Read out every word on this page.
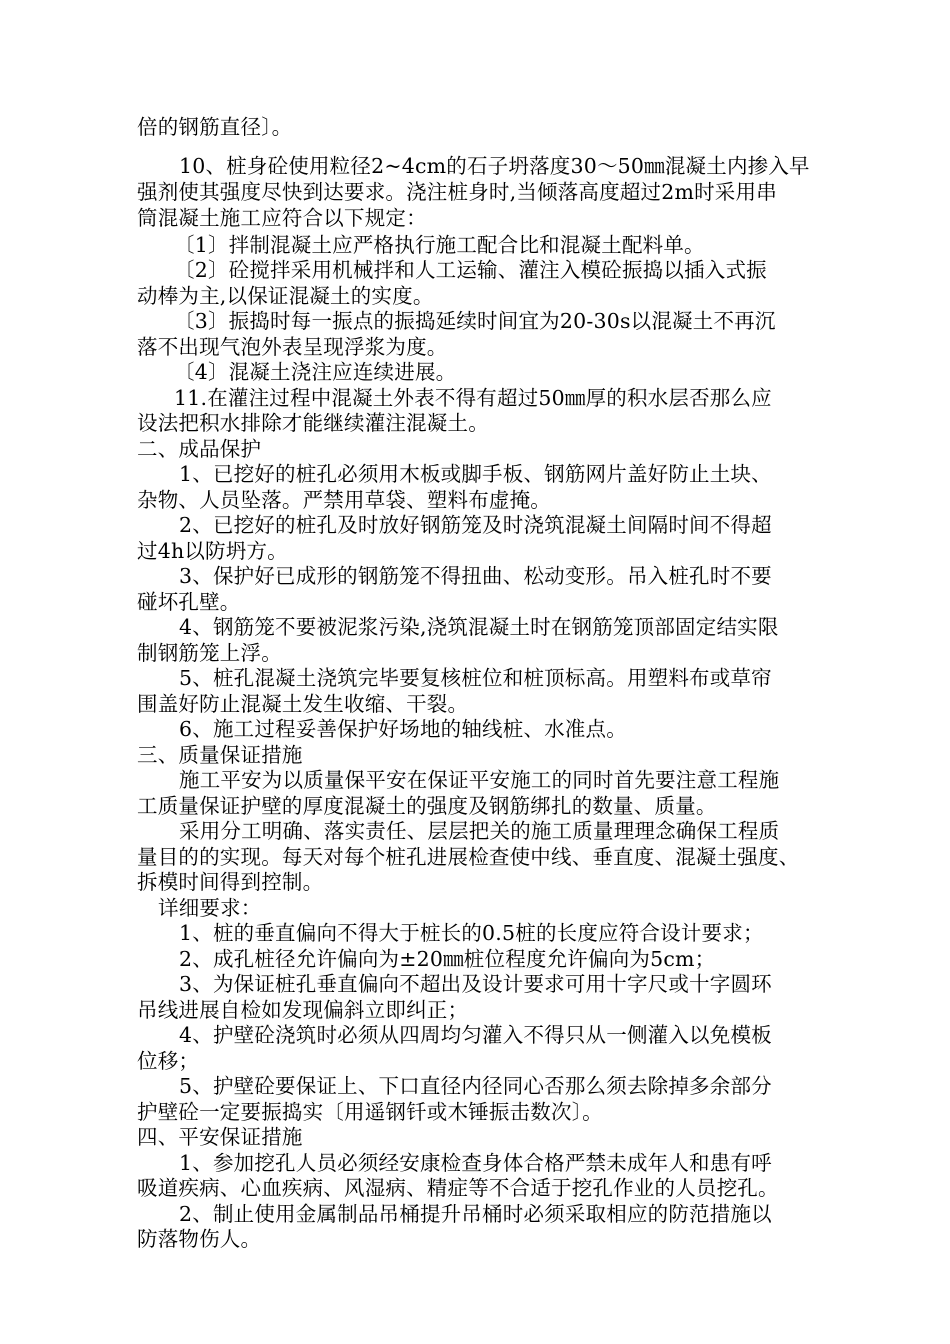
倍的钢筋直径〕。
10、桩身砼使用粒径2~4cm的石子坍落度30～50㎜混凝土内掺入早
强剂使其强度尽快到达要求。浇注桩身时,当倾落高度超过2m时采用串
筒混凝土施工应符合以下规定：
〔1〕拌制混凝土应严格执行施工配合比和混凝土配料单。
〔2〕砼搅拌采用机械拌和人工运输、灌注入模砼振捣以插入式振
动棒为主,以保证混凝土的实度。
〔3〕振捣时每一振点的振捣延续时间宜为20-30s以混凝土不再沉
落不出现气泡外表呈现浮浆为度。
〔4〕混凝土浇注应连续进展。
11.在灌注过程中混凝土外表不得有超过50㎜厚的积水层否那么应
设法把积水排除才能继续灌注混凝土。
二、成品保护
1、已挖好的桩孔必须用木板或脚手板、钢筋网片盖好防止土块、
杂物、人员坠落。严禁用草袋、塑料布虚掩。
2、已挖好的桩孔及时放好钢筋笼及时浇筑混凝土间隔时间不得超
过4h以防坍方。
3、保护好已成形的钢筋笼不得扭曲、松动变形。吊入桩孔时不要
碰坏孔壁。
4、钢筋笼不要被泥浆污染,浇筑混凝土时在钢筋笼顶部固定结实限
制钢筋笼上浮。
5、桩孔混凝土浇筑完毕要复核桩位和桩顶标高。用塑料布或草帘
围盖好防止混凝土发生收缩、干裂。
6、施工过程妥善保护好场地的轴线桩、水准点。
三、质量保证措施
施工平安为以质量保平安在保证平安施工的同时首先要注意工程施
工质量保证护壁的厚度混凝土的强度及钢筋绑扎的数量、质量。
采用分工明确、落实责任、层层把关的施工质量理理念确保工程质
量目的的实现。每天对每个桩孔进展检查使中线、垂直度、混凝土强度、
拆模时间得到控制。
详细要求：
1、桩的垂直偏向不得大于桩长的0.5桩的长度应符合设计要求；
2、成孔桩径允许偏向为±20㎜桩位程度允许偏向为5cm；
3、为保证桩孔垂直偏向不超出及设计要求可用十字尺或十字圆环
吊线进展自检如发现偏斜立即纠正；
4、护壁砼浇筑时必须从四周均匀灌入不得只从一侧灌入以免模板
位移；
5、护壁砼要保证上、下口直径内径同心否那么须去除掉多余部分
护壁砼一定要振捣实〔用遥钢钎或木锤振击数次〕。
四、平安保证措施
1、参加挖孔人员必须经安康检查身体合格严禁未成年人和患有呼
吸道疾病、心血疾病、风湿病、精症等不合适于挖孔作业的人员挖孔。
2、制止使用金属制品吊桶提升吊桶时必须采取相应的防范措施以
防落物伤人。
